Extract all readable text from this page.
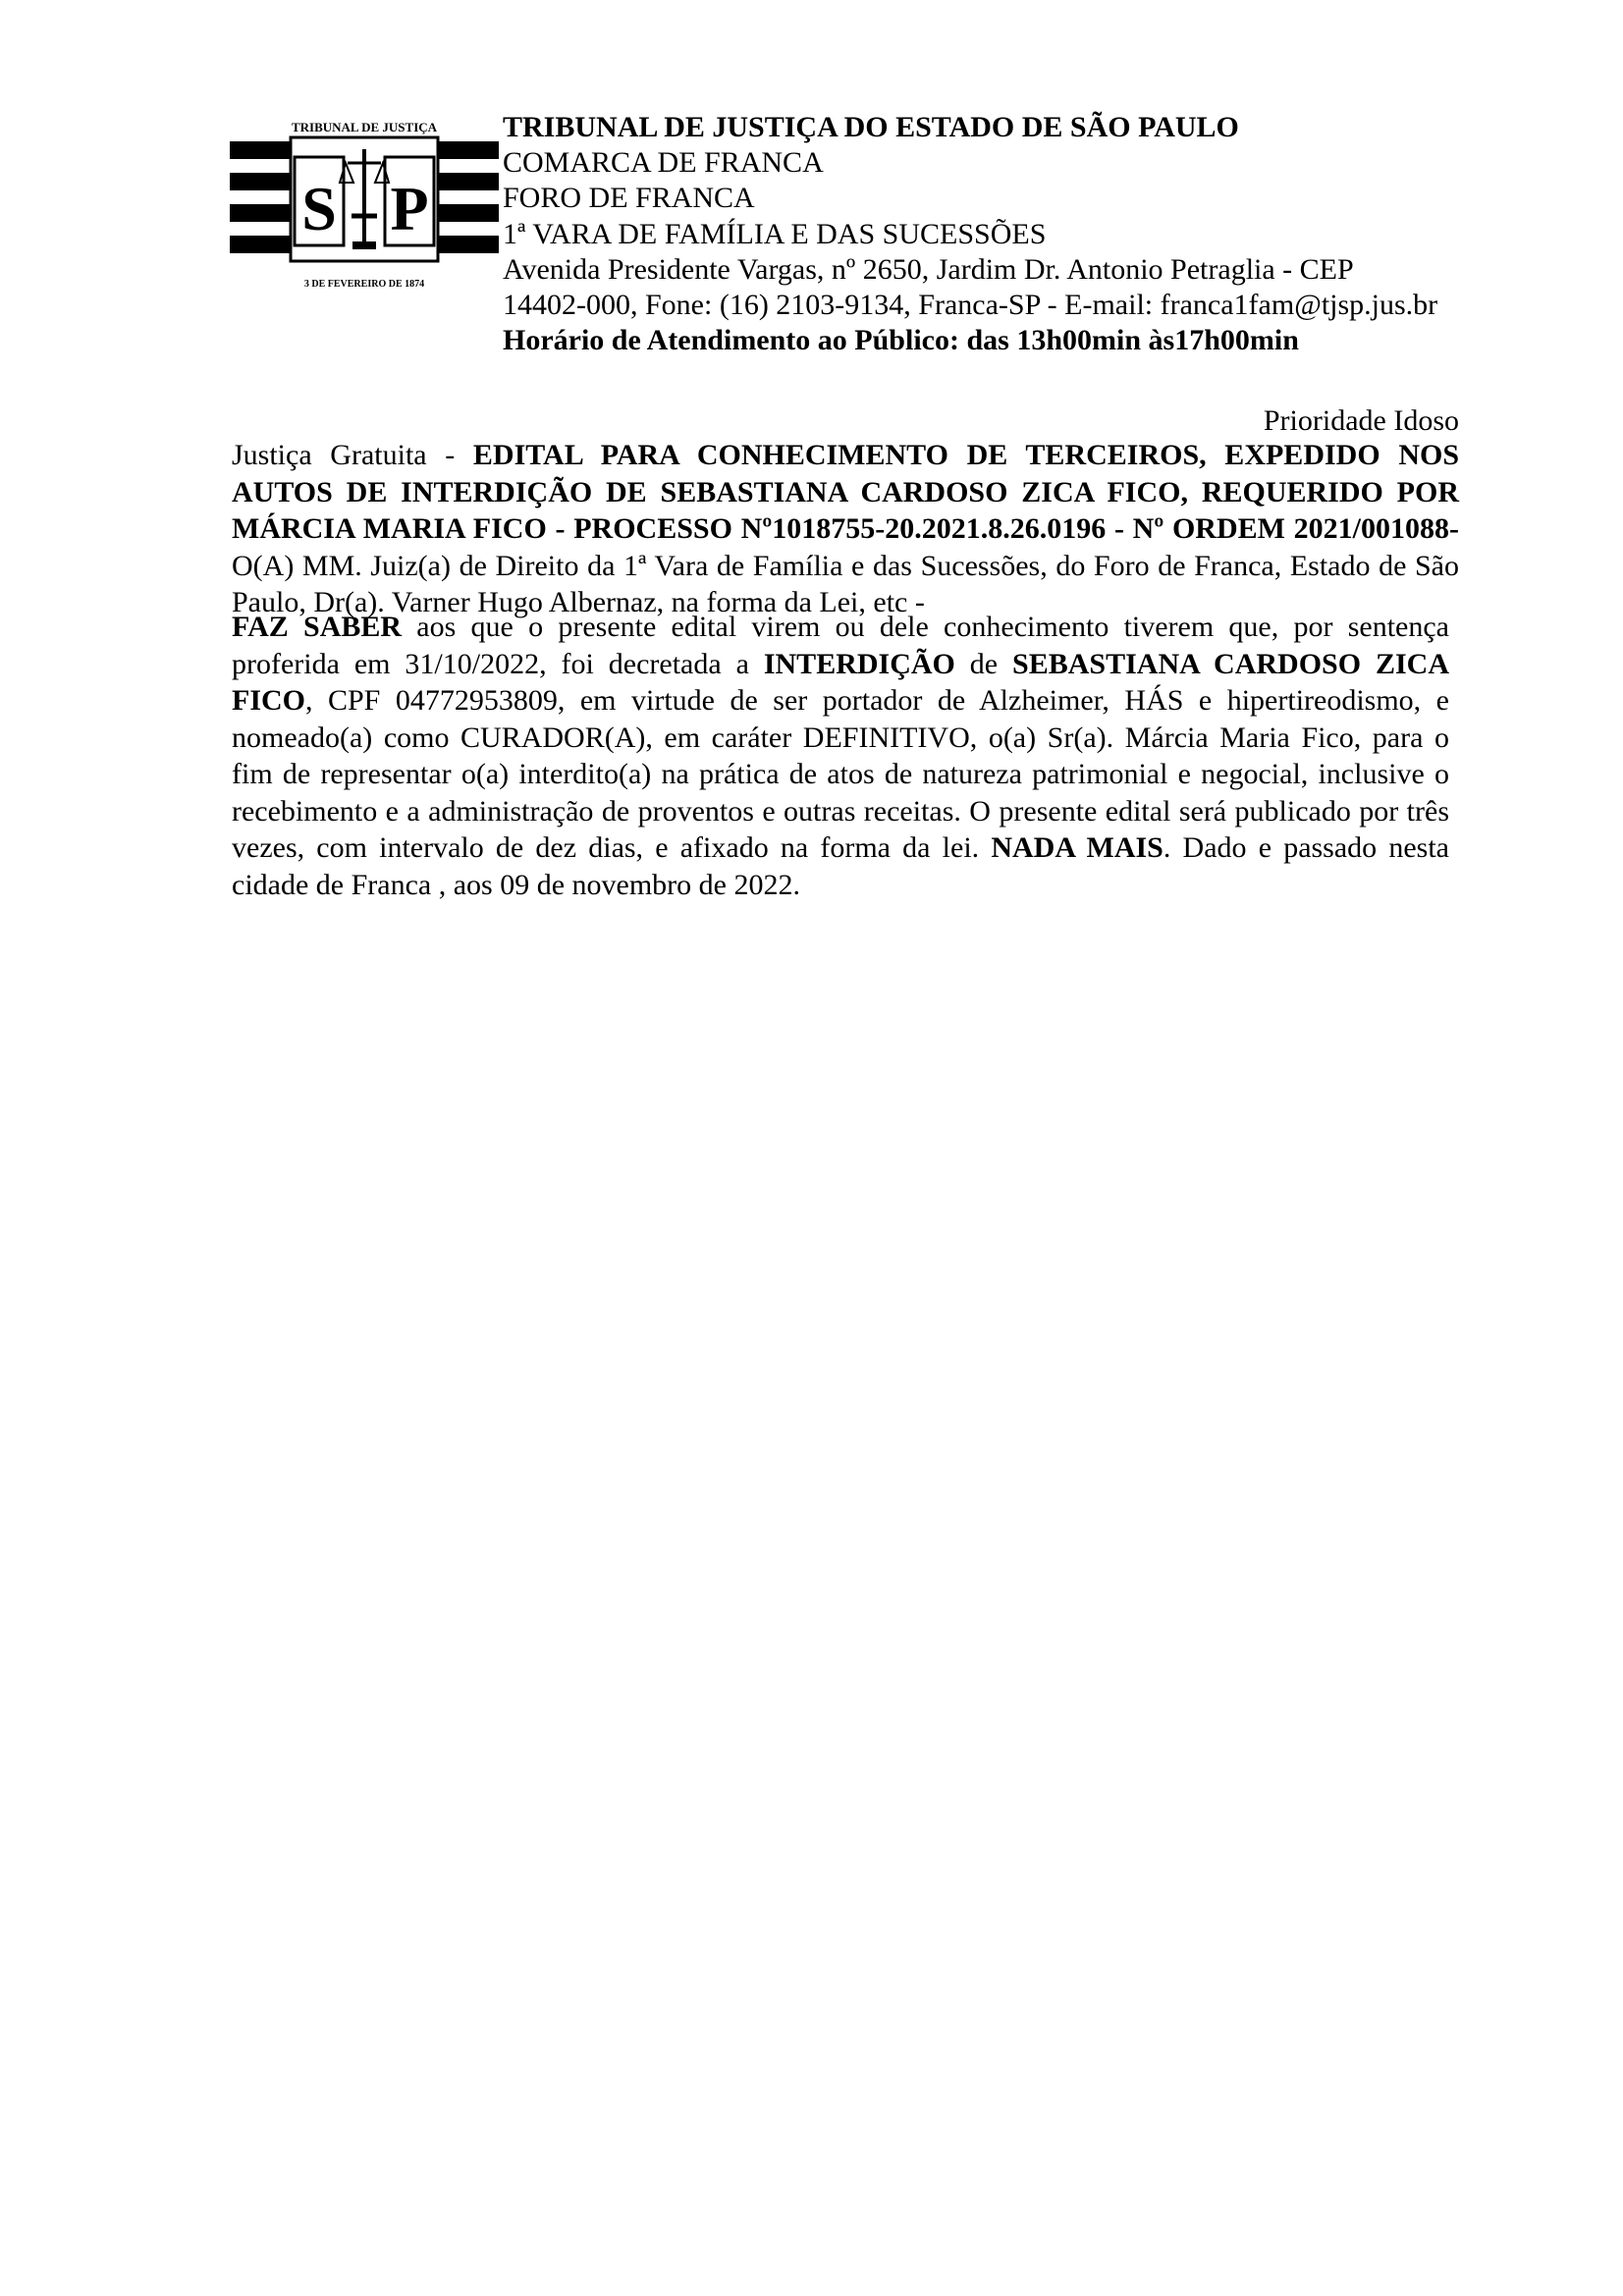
TRIBUNAL DE JUSTIÇA
S P
3 DE FEVEREIRO DE 1874
TRIBUNAL DE JUSTIÇA DO ESTADO DE SÃO PAULO
COMARCA DE FRANCA
FORO DE FRANCA
1ª VARA DE FAMÍLIA E DAS SUCESSÕES
Avenida Presidente Vargas, nº 2650, Jardim Dr. Antonio Petraglia - CEP
14402-000, Fone: (16) 2103-9134, Franca-SP - E-mail: franca1fam@tjsp.jus.br
Horário de Atendimento ao Público: das 13h00min às17h00min
Prioridade Idoso
Justiça Gratuita - EDITAL PARA CONHECIMENTO DE TERCEIROS, EXPEDIDO NOS AUTOS DE INTERDIÇÃO DE SEBASTIANA CARDOSO ZICA FICO, REQUERIDO POR MÁRCIA MARIA FICO - PROCESSO Nº1018755-20.2021.8.26.0196 - Nº ORDEM 2021/001088- O(A) MM. Juiz(a) de Direito da 1ª Vara de Família e das Sucessões, do Foro de Franca, Estado de São Paulo, Dr(a). Varner Hugo Albernaz, na forma da Lei, etc -
FAZ SABER aos que o presente edital virem ou dele conhecimento tiverem que, por sentença proferida em 31/10/2022, foi decretada a INTERDIÇÃO de SEBASTIANA CARDOSO ZICA FICO, CPF 04772953809, em virtude de ser portador de Alzheimer, HÁS e hipertireodismo, e nomeado(a) como CURADOR(A), em caráter DEFINITIVO, o(a) Sr(a). Márcia Maria Fico, para o fim de representar o(a) interdito(a) na prática de atos de natureza patrimonial e negocial, inclusive o recebimento e a administração de proventos e outras receitas. O presente edital será publicado por três vezes, com intervalo de dez dias, e afixado na forma da lei. NADA MAIS. Dado e passado nesta cidade de Franca , aos 09 de novembro de 2022.
